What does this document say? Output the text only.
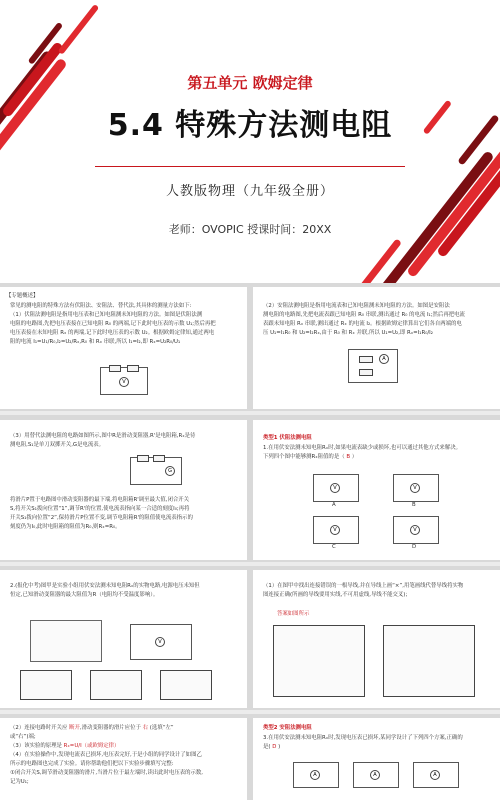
第五单元 欧姆定律
5.4 特殊方法测电阻
人教版物理（九年级全册）
老师：OVOPIC 授课时间：20XX
【专题概述】
常见的测电阻的特殊方法有伏阻法、安阻法、替代法,其具体的测量方法如下:
（1）伏阻法测电阻是指用电压表和已知电阻测未知电阻的方法。如图是伏阻法测
电阻的电路图,先把电压表接在已知电阻 R₀ 的两端,记下此时电压表的示数 U₁;然后再把
电压表接在未知电阻 Rₓ 的两端,记下此时电压表的示数 U₂。根据欧姆定律知,通过两电
阻的电流 I₁=U₁/R₀,I₂=U₂/Rₓ,R₀ 和 Rₓ 串联,所以 I₁=I₂,即 Rₓ=U₂R₀/U₁
V
（2）安阻法测电阻是指用电流表和已知电阻测未知电阻的方法。如图是安阻法
测电阻的电路图,先把电流表跟已知电阻 R₀ 串联,测出通过 R₀ 的电流 I₁;然后再把电流
表跟未知电阻 Rₓ 串联,测出通过 Rₓ 的电流 I₂。根据欧姆定律算出它们各自两端的电
压 U₁=I₁R₀ 和 U₂=I₂Rₓ,由于 R₀ 和 Rₓ 并联,所以 U₁=U₂,即 Rₓ=I₁R₀/I₂
A
（3）用替代法测电阻的电路如图所示,图中R是滑动变阻器,R'是电阻箱,Rₓ是待
测电阻,S₁是单刀双掷开关,G是电流表。
G
将滑片P置于电路图中滑动变阻器的最下端,将电阻箱R'调至最大值,闭合开关
S,将开关S₁拨向位置“1”,调节R'的位置,使电流表指向某一合适的刻度I₀;再将
开关S₁拨向位置“2”,保持滑片P位置不变,调节电阻箱R'的阻值使电流表指示的
刻度仍为I₀,此时电阻箱的阻值为R₀,则Rₓ=R₀。
类型1 伏阻法测电阻
1.在用伏安法测未知电阻Rₓ时,如果电流表缺少或损坏,也可以通过其他方式来解决。
下列四个图中能够测Rₓ阻值的是（ B ）
V	V
V	V
A	B
C	D
2.(报化中考)图甲是实验小组用伏安法测未知电阻Rₓ的实物电路,电源电压未知但
恒定,已知滑动变阻器的最大阻值为R（电阻均不受温度影响）。
V
（1）在图甲中找出连接错误的一根导线,并在导线上画“×”,用笔画线代替导线将实物
图连接正确(所画的导线要用实线,不可用虚线,导线不能交叉)；
答案如图所示
（2）连接电路时开关应 断开,滑动变阻器的滑片应位于 右 (选填“左”
或“右”)端;
（3）该实验的原理是 Rₓ=U/I（或欧姆定律）
（4）在实验操作中,发现电流表已损坏,电压表完好,于是小组的同学设计了如图乙
所示的电路图也完成了实验。请你帮助他们把以下实验步骤填写完整:
①闭合开关S,调节滑动变阻器的滑片,当滑片位于最左端时,读出此时电压表的示数,
记为U₁;
类型2 安阻法测电阻
3.在用伏安法测未知电阻Rₓ时,发现电压表已损坏,某同学设计了下列四个方案,正确的
是( D )
A	A	A
